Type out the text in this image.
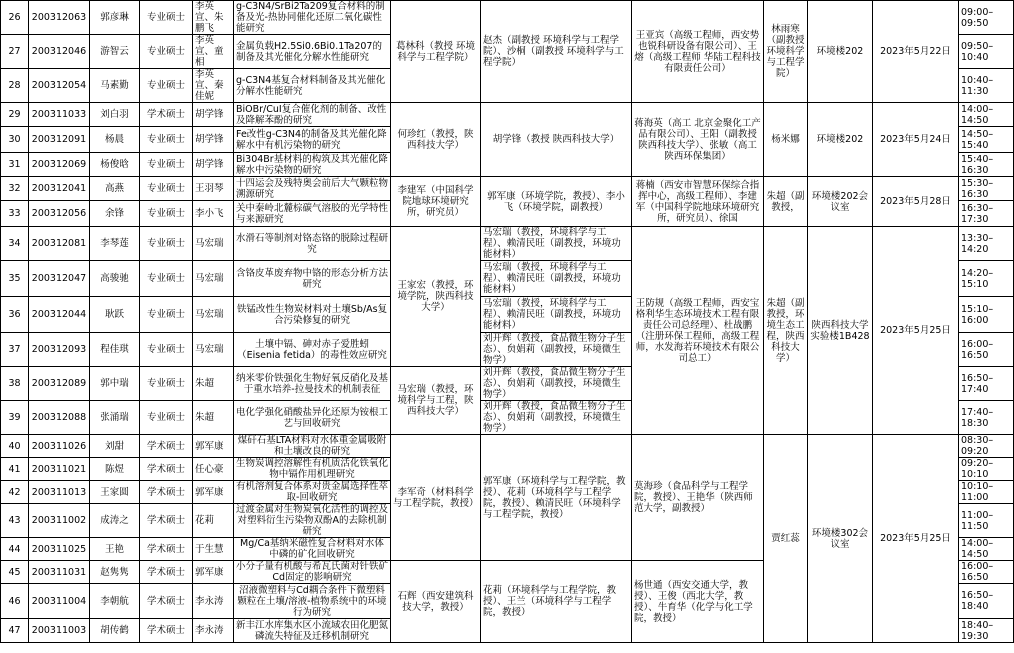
26	200312063	郭彦琳	专业硕士	李英宣、朱鹏飞	g-C3N4/SrBi2Ta209复合材料的制备及光-热协同催化还原二氧化碳性能研究	葛林科（教授 环境科学与工程学院）	赵杰（副教授 环境科学与工程学院）、沙桐（副教授 环境科学与工程学院）	王亚宾（高级工程师，西安势也锐科研设备有限公司）、王熔（高级工程师 华陆工程科技有限责任公司）	林雨寒（副教授 环境科学与工程学院）	环境楼202	2023年5月22日	09:00–09:50
27	200312046	游智云	专业硕士	李英宣、童相	金属负载H2.5Si0.6Bi0.1Ta207的制备及其光催化分解水性能研究							09:50–10:40
28	200312054	马素勤	专业硕士	李英宣、秦佳妮	g-C3N4基复合材料制备及其光催化分解水性能研究							10:40–11:30
29	200311033	刘白羽	学术硕士	胡学锋	BiOBr/CuI复合催化剂的制备、改性及降解苯酚的研究	何珍红（教授，陕西科技大学）	胡学锋（教授 陕西科技大学）	蒋海英（高工 北京金聚化工产品有限公司）、王阳（副教授 陕西科技大学）、张敏（高工 陕西环保集团）	杨米娜	环境楼202	2023年5月24日	14:00–14:50
30	200312091	杨晨	专业硕士	胡学锋	Fe改性g-C3N4的制备及其光催化降解水中有机污染物的研究							14:50–15:40
31	200312069	杨俊晗	专业硕士	胡学锋	Bi304Br基材料的构筑及其光催化降解水中污染物的研究							15:40–16:30
32	200312041	高燕	专业硕士	王羽琴	十四运会及残特奥会前后大气颗粒物溯源研究	李建军（中国科学院地球环境研究所，研究员）	郭军康（环境学院，教授）、李小飞（环境学院，副教授）	蒋楠（西安市智慧环保综合指挥中心，高级工程师）、李建军（中国科学院地球环境研究所，研究员）、徐国	朱超（副教授，	环境楼202会议室	2023年5月28日	15:30–16:30
33	200312056	余锋	专业硕士	李小飞	关中秦岭北麓棕碳气溶胶的光学特性与来源研究							16:30–17:30
34	200312081	李琴莲	专业硕士	马宏瑞	水滑石等制剂对铬态铬的脱除过程研究	王家宏（教授，环境学院，陕西科技大学）	马宏瑞（教授，环境科学与工程）、赖清民旺（副教授，环境功能材料）	王防规（高级工程师，西安宝格利华生态环境技术工程有限责任公司总经理）、杜战鹏（注册环保工程师，高级工程师，水发海若环境技术有限公司总工）	朱超（副教授，环境生态工程，陕西科技大学）	陕西科技大学实验楼1B428	2023年5月25日	13:30–14:20
35	200312047	高骏驰	专业硕士	马宏瑞	含铬皮革废弃物中铬的形态分析方法研究		马宏瑞（教授，环境科学与工程）、赖清民旺（副教授，环境功能材料）					14:20–15:10
36	200312044	耿跃	专业硕士	马宏瑞	铁锰改性生物炭材料对土壤Sb/As复合污染修复的研究		马宏瑞（教授，环境科学与工程）、赖清民旺（副教授，环境功能材料）					15:10–16:00
37	200312093	程佳琪	专业硕士	马宏瑞	土壤中镉、砷对赤子爱胜蚓（Eisenia fetida）的毒性效应研究		刘开辉（教授，食品微生物分子生态）、贠娟莉（副教授，环境微生物学）					16:00–16:50
38	200312089	郭中瑞	专业硕士	朱超	纳米零价铁强化生物好氧反硝化及基于重水培养-拉曼技术的机制表征	马宏瑞（教授，环境科学与工程，陕西科技大学）	刘开辉（教授，食品微生物分子生态）、贠娟莉（副教授，环境微生物学）					16:50–17:40
39	200312088	张涌瑞	专业硕士	朱超	电化学强化硝酸盐异化还原为铵根工艺与回收研究		刘开辉（教授，食品微生物分子生态）、贠娟莉（副教授，环境微生物学）					17:40–18:30
40	200311026	刘甜	学术硕士	郭军康	煤矸石基LTA材料对水体重金属吸附和土壤改良的研究	李军奇（材料科学与工程学院，教授）	郭军康（环境科学与工程学院，教授）、花莉（环境科学与工程学院，教授）、赖清民旺（环境科学与工程学院，教授）	莫海珍（食品科学与工程学院，教授）、王艳华（陕西师范大学，副教授）	贾红蕊	环境楼302会议室	2023年5月25日	08:30–09:20
41	200311021	陈煜	学术硕士	任心豪	生物炭调控溶解性有机质活化铁氧化物中镉作用机理研究							09:20–10:10
42	200311013	王家圆	学术硕士	郭军康	有机溶剂复合体系对贵金属选择性萃取-回收研究							10:10–11:00
43	200311002	成涛之	学术硕士	花莉	过渡金属对生物炭氧化活性的调控及对塑料衍生污染物双酚A的去除机制研究							11:00–11:50
44	200311025	王艳	学术硕士	于生慧	Mg/Ca基纳米磁性复合材料对水体中磷的矿化回收研究							14:00–14:50
45	200311031	赵隽隽	学术硕士	郭军康	小分子量有机酸与希瓦氏菌对针铁矿Cd固定的影响研究	石辉（西安建筑科技大学，教授）	花莉（环境科学与工程学院，教授）、王兰（环境科学与工程学院，教授）	杨世通（西安交通大学，教授）、王俊（西北大学，教授）、牛育华（化学与化工学院，教授）				16:00–16:50
46	200311004	李朝航	学术硕士	李永涛	沼液微塑料与Cd耦合条件下微塑料颗粒在土壤/溶液-植物系统中的环境行为研究							16:50–18:40
47	200311003	胡传鹤	学术硕士	李永涛	新丰江水库集水区小流域农田化肥氮磷流失特征及迁移机制研究							18:40–19:30
